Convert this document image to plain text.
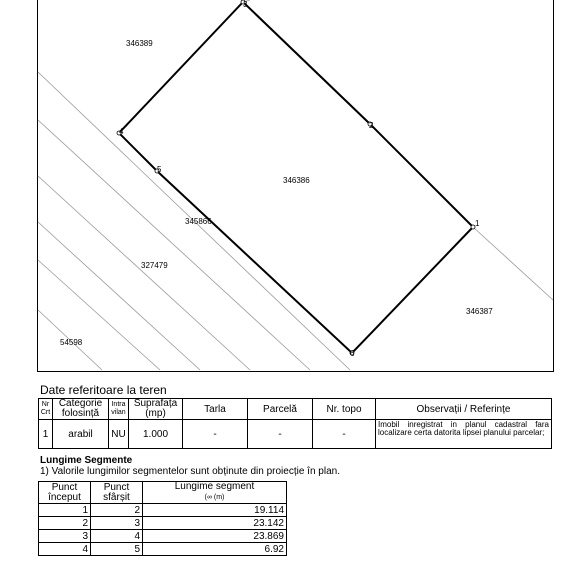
1
2
3
4
5
6
346389
346386
345866
327479
346387
54598
Date referitoare la teren
Nr Crt	Categorie folosință	Intra vilan	Suprafața (mp)	Tarla	Parcelă	Nr. topo	Observații / Referințe
1	arabil	NU	1.000	-	-	-	Imobil inregistrat in planul cadastral fara localizare certa datorita lipsei planului parcelar;
Lungime Segmente
1) Valorile lungimilor segmentelor sunt obținute din proiecție în plan.
Punct început	Punct sfârșit	Lungime segment
(∞ (m)
1	2	19.114
2	3	23.142
3	4	23.869
4	5	6.92
